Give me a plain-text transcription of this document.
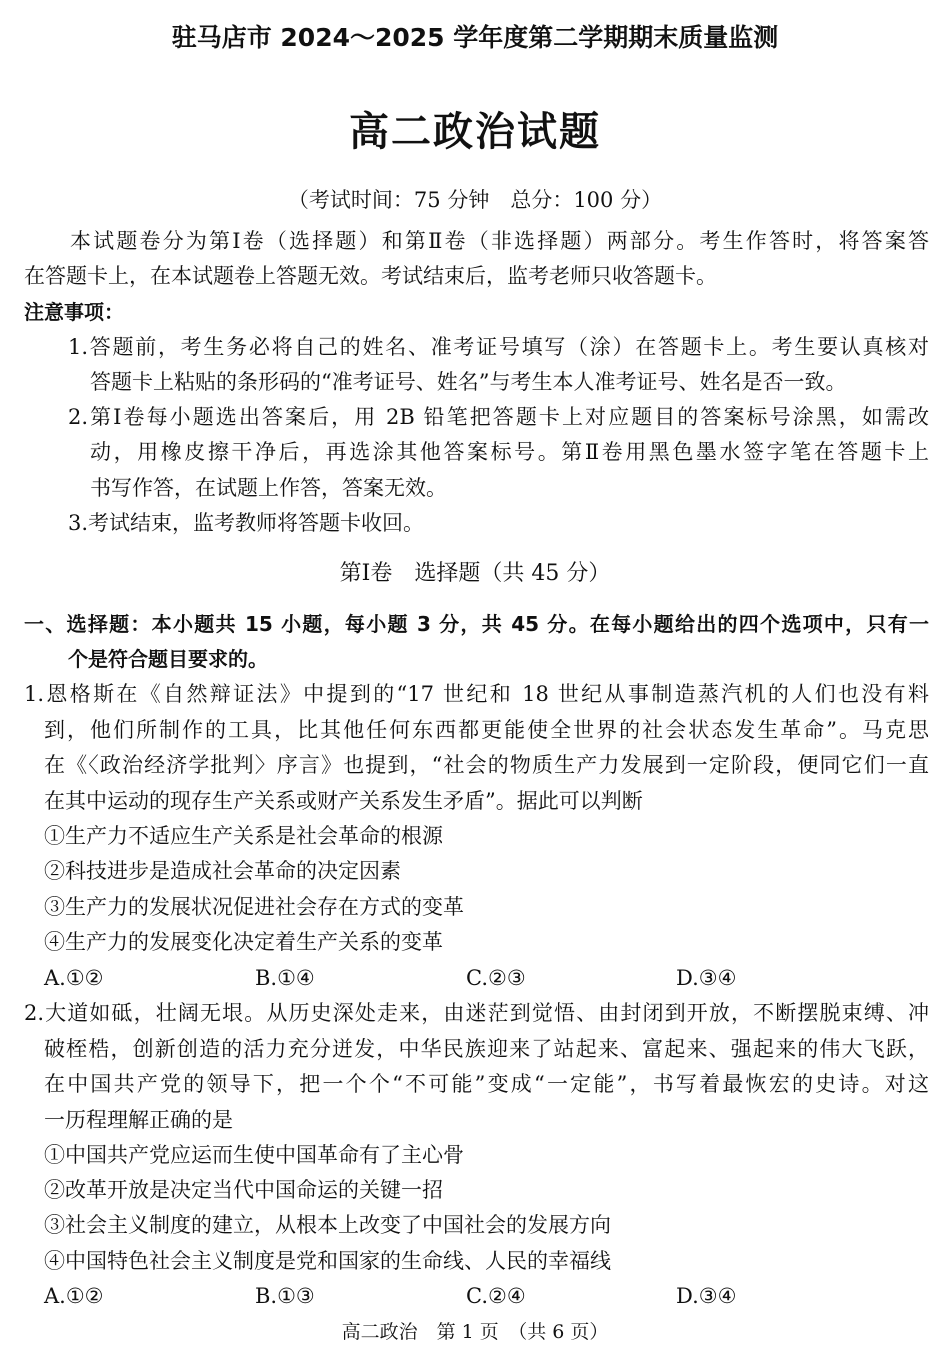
驻马店市 2024～2025 学年度第二学期期末质量监测
高二政治试题
（考试时间：75 分钟　总分：100 分）
本试题卷分为第Ⅰ卷（选择题）和第Ⅱ卷（非选择题）两部分。考生作答时，将答案答
在答题卡上，在本试题卷上答题无效。考试结束后，监考老师只收答题卡。
注意事项：
1.答题前，考生务必将自己的姓名、准考证号填写（涂）在答题卡上。考生要认真核对
答题卡上粘贴的条形码的“准考证号、姓名”与考生本人准考证号、姓名是否一致。
2.第Ⅰ卷每小题选出答案后，用 2B 铅笔把答题卡上对应题目的答案标号涂黑，如需改
动，用橡皮擦干净后，再选涂其他答案标号。第Ⅱ卷用黑色墨水签字笔在答题卡上
书写作答，在试题上作答，答案无效。
3.考试结束，监考教师将答题卡收回。
第Ⅰ卷　选择题（共 45 分）
一、选择题：本小题共 15 小题，每小题 3 分，共 45 分。在每小题给出的四个选项中，只有一
个是符合题目要求的。
1.恩格斯在《自然辩证法》中提到的“17 世纪和 18 世纪从事制造蒸汽机的人们也没有料
到，他们所制作的工具，比其他任何东西都更能使全世界的社会状态发生革命”。马克思
在《〈政治经济学批判〉序言》也提到，“社会的物质生产力发展到一定阶段，便同它们一直
在其中运动的现存生产关系或财产关系发生矛盾”。据此可以判断
①生产力不适应生产关系是社会革命的根源
②科技进步是造成社会革命的决定因素
③生产力的发展状况促进社会存在方式的变革
④生产力的发展变化决定着生产关系的变革
A.①②	B.①④	C.②③	D.③④
2.大道如砥，壮阔无垠。从历史深处走来，由迷茫到觉悟、由封闭到开放，不断摆脱束缚、冲
破桎梏，创新创造的活力充分迸发，中华民族迎来了站起来、富起来、强起来的伟大飞跃，
在中国共产党的领导下，把一个个“不可能”变成“一定能”，书写着最恢宏的史诗。对这
一历程理解正确的是
①中国共产党应运而生使中国革命有了主心骨
②改革开放是决定当代中国命运的关键一招
③社会主义制度的建立，从根本上改变了中国社会的发展方向
④中国特色社会主义制度是党和国家的生命线、人民的幸福线
A.①②	B.①③	C.②④	D.③④
高二政治　第 1 页　（共 6 页）
